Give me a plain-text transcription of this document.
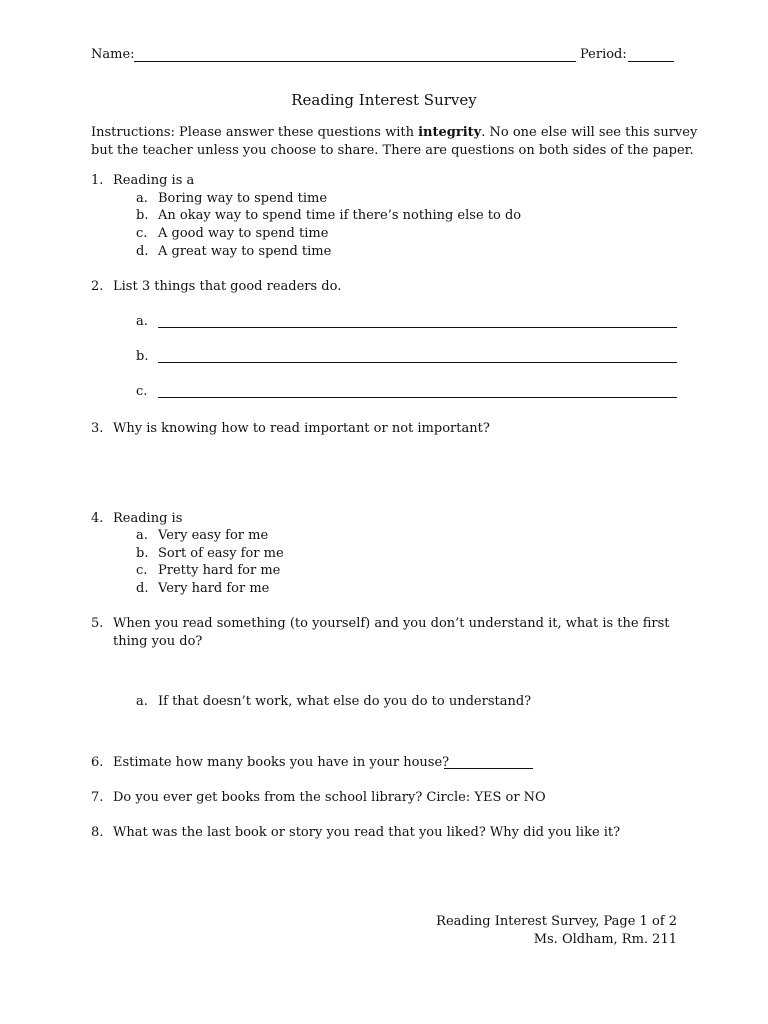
Name:	Period:
Reading Interest Survey
Instructions: Please answer these questions with integrity. No one else will see this survey
but the teacher unless you choose to share. There are questions on both sides of the paper.
1. Reading is a
a. Boring way to spend time
b. An okay way to spend time if there’s nothing else to do
c. A good way to spend time
d. A great way to spend time
2. List 3 things that good readers do.
a.
b.
c.
3. Why is knowing how to read important or not important?
4. Reading is
a. Very easy for me
b. Sort of easy for me
c. Pretty hard for me
d. Very hard for me
5. When you read something (to yourself) and you don’t understand it, what is the first
thing you do?
a. If that doesn’t work, what else do you do to understand?
6. Estimate how many books you have in your house?
7. Do you ever get books from the school library? Circle: YES or NO
8. What was the last book or story you read that you liked? Why did you like it?
Reading Interest Survey, Page 1 of 2
Ms. Oldham, Rm. 211
